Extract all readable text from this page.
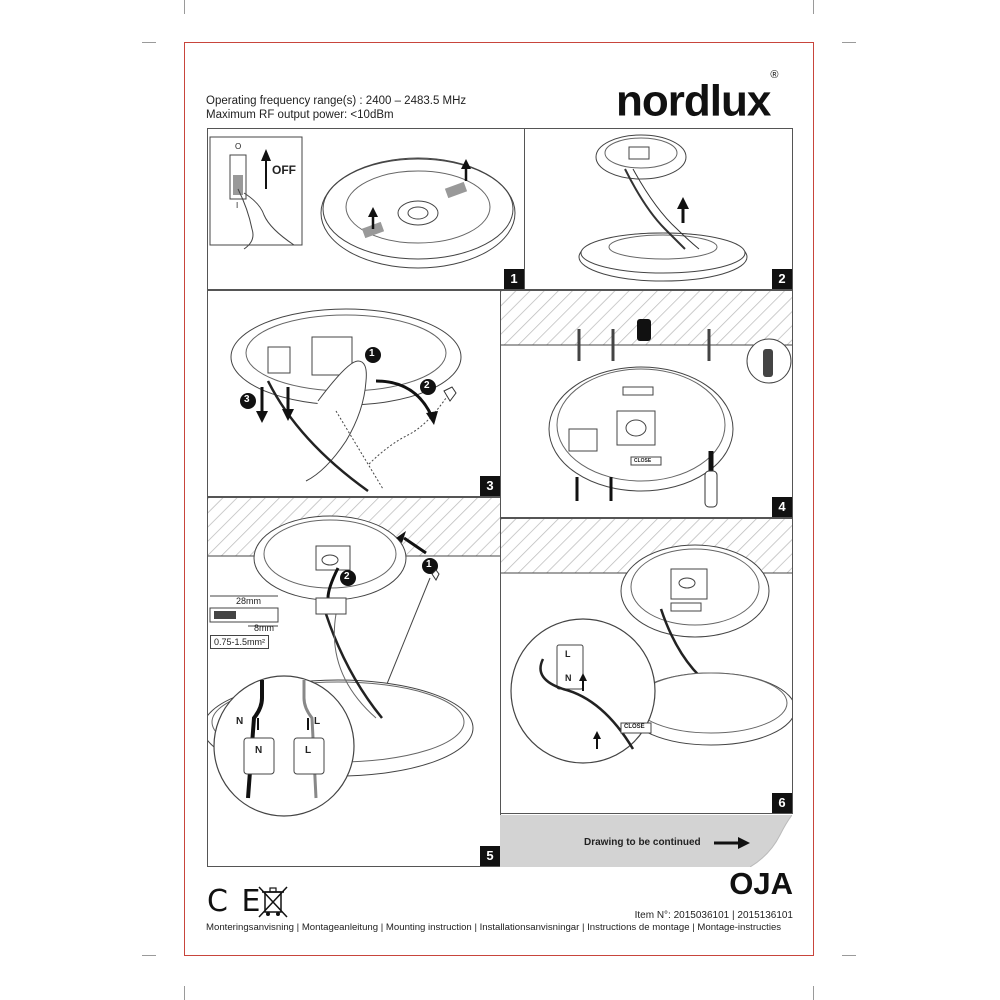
Operating frequency range(s) : 2400 – 2483.5 MHz
Maximum RF output power: <10dBm	nordlux®
OFF
O
I
1	2
1
2
3
3
CLOSE
4
1
2
28mm
8mm
0.75-1.5mm²
N	L
N	L
5
CLOSE
N
L
6
Drawing to be continued
OJA
Item N°: 2015036101 | 2015136101
Monteringsanvisning | Montageanleitung | Mounting instruction | Installationsanvisningar | Instructions de montage | Montage-instructies
C E
